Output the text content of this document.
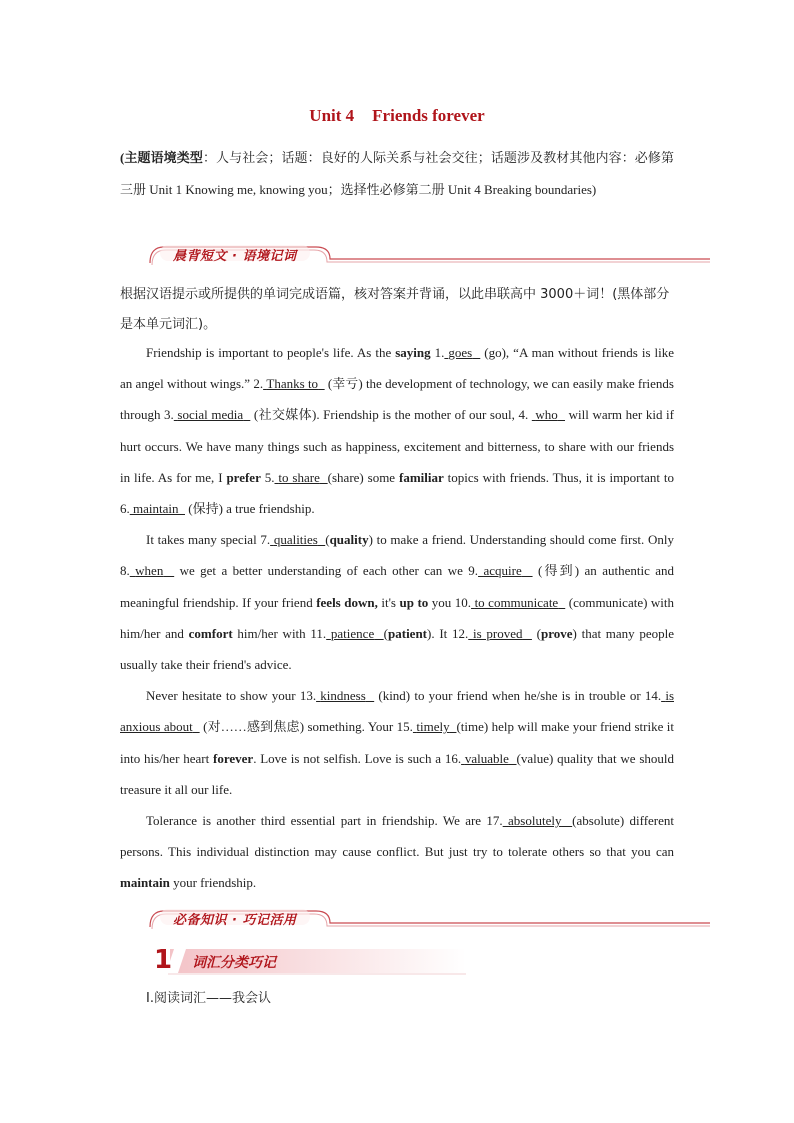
Unit 4 Friends forever
(主题语境类型：人与社会；话题：良好的人际关系与社会交往；话题涉及教材其他内容：必修第三册 Unit 1 Knowing me, knowing you；选择性必修第二册 Unit 4 Breaking boundaries)
晨背短文 · 语境记词
根据汉语提示或所提供的单词完成语篇，核对答案并背诵，以此串联高中 3000＋词！(黑体部分是本单元词汇)。

Friendship is important to people's life. As the saying 1. goes (go), “A man without friends is like an angel without wings.” 2. Thanks to (幸亏) the development of technology, we can easily make friends through 3. social media (社交媒体). Friendship is the mother of our soul, 4. who will warm her kid if hurt occurs. We have many things such as happiness, excitement and bitterness, to share with our friends in life. As for me, I prefer 5. to share (share) some familiar topics with friends. Thus, it is important to 6. maintain (保持) a true friendship.

It takes many special 7. qualities (quality) to make a friend. Understanding should come first. Only 8. when we get a better understanding of each other can we 9. acquire (得到) an authentic and meaningful friendship. If your friend feels down, it's up to you 10. to communicate (communicate) with him/her and comfort him/her with 11. patience (patient). It 12. is proved (prove) that many people usually take their friend's advice.

Never hesitate to show your 13. kindness (kind) to your friend when he/she is in trouble or 14. is anxious about (对……感到焦虑) something. Your 15. timely (time) help will make your friend strike it into his/her heart forever. Love is not selfish. Love is such a 16. valuable (value) quality that we should treasure it all our life.

Tolerance is another third essential part in friendship. We are 17. absolutely (absolute) different persons. This individual distinction may cause conflict. But just try to tolerate others so that you can maintain your friendship.

必备知识 · 巧记活用
1 词汇分类巧记
Ⅰ.阅读词汇——我会认
